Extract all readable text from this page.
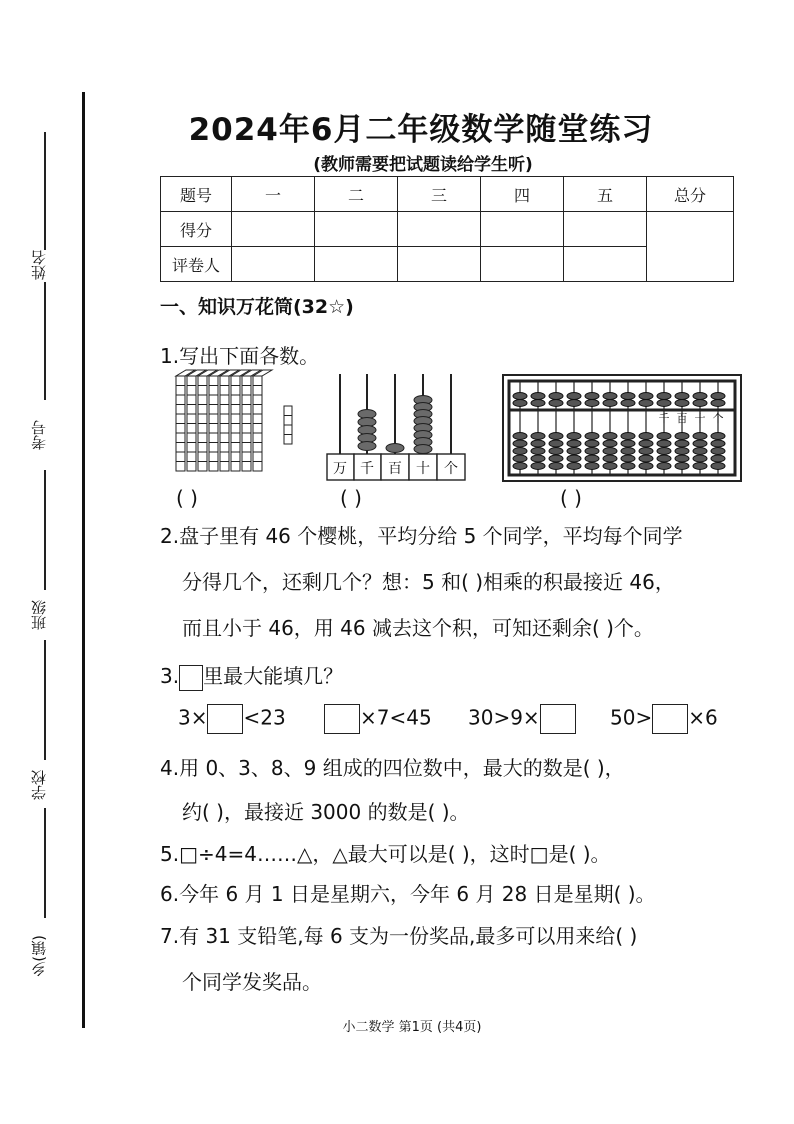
姓名
考号
班级
学校
乡(镇)
2024年6月二年级数学随堂练习
(教师需要把试题读给学生听)
题号	一	二	三	四	五	总分
得分						
评卷人						
一、知识万花筒(32☆)
1.写出下面各数。
万 千 百 十 个
千 百 十 个
( )	( )	( )
2.盘子里有 46 个樱桃，平均分给 5 个同学，平均每个同学
分得几个，还剩几个？想：5 和( )相乘的积最接近 46，
而且小于 46，用 46 减去这个积，可知还剩余( )个。
3. 里最大能填几？
3× <23	×7<45 30>9×	50> ×6
4.用 0、3、8、9 组成的四位数中，最大的数是( )，
约( )，最接近 3000 的数是( )。
5.□÷4=4……△，△最大可以是( )，这时□是( )。
6.今年 6 月 1 日是星期六，今年 6 月 28 日是星期( )。
7.有 31 支铅笔,每 6 支为一份奖品,最多可以用来给( )
个同学发奖品。
小二数学 第1页 (共4页)
